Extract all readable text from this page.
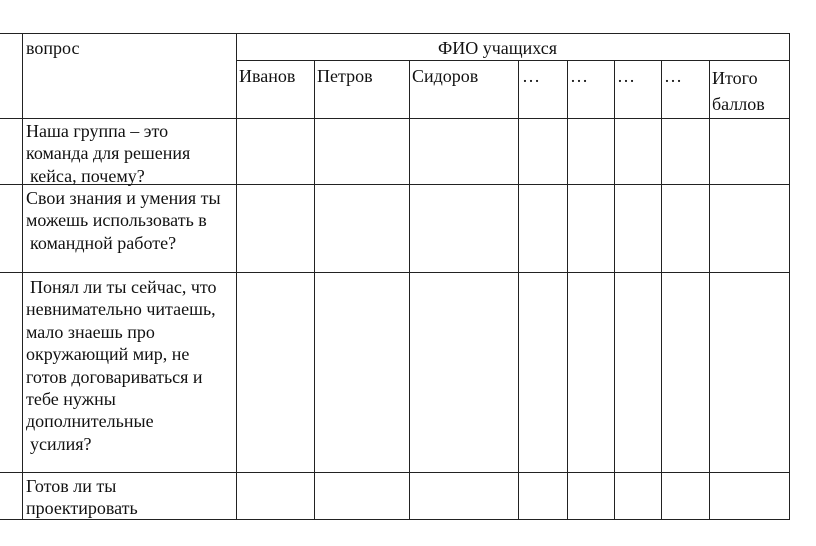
вопрос	ФИО учащихся
Иванов Петров Сидоров … … … … Итого
баллов
Наша группа – это
команда для решения
кейса, почему?
Свои знания и умения ты
можешь использовать в
командной работе?
Понял ли ты сейчас, что
невнимательно читаешь,
мало знаешь про
окружающий мир, не
готов договариваться и
тебе нужны
дополнительные
усилия?
Готов ли ты
проектировать
